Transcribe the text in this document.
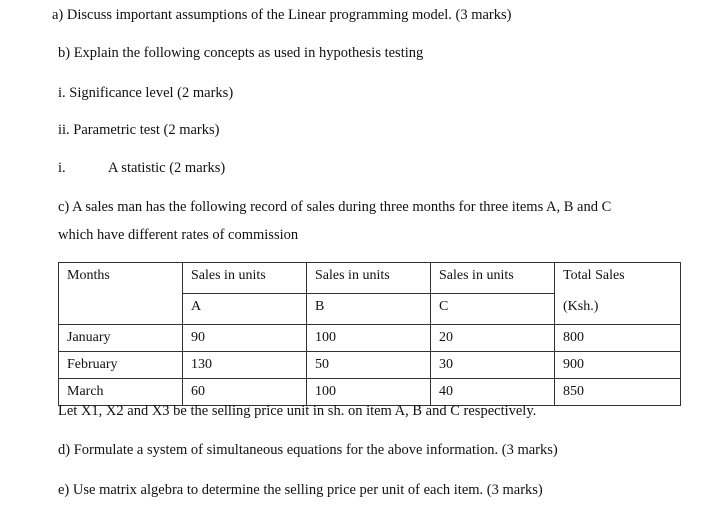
a) Discuss important assumptions of the Linear programming model. (3 marks)
b) Explain the following concepts as used in hypothesis testing
i. Significance level (2 marks)
ii. Parametric test (2 marks)
i.	A statistic (2 marks)
c) A sales man has the following record of sales during three months for three items A, B and C
which have different rates of commission
Months	Sales in units	Sales in units	Sales in units	Total Sales
	A	B	C	(Ksh.)
January	90	100	20	800
February	130	50	30	900
March	60	100	40	850
Let X1, X2 and X3 be the selling price unit in sh. on item A, B and C respectively.
d) Formulate a system of simultaneous equations for the above information. (3 marks)
e) Use matrix algebra to determine the selling price per unit of each item. (3 marks)
